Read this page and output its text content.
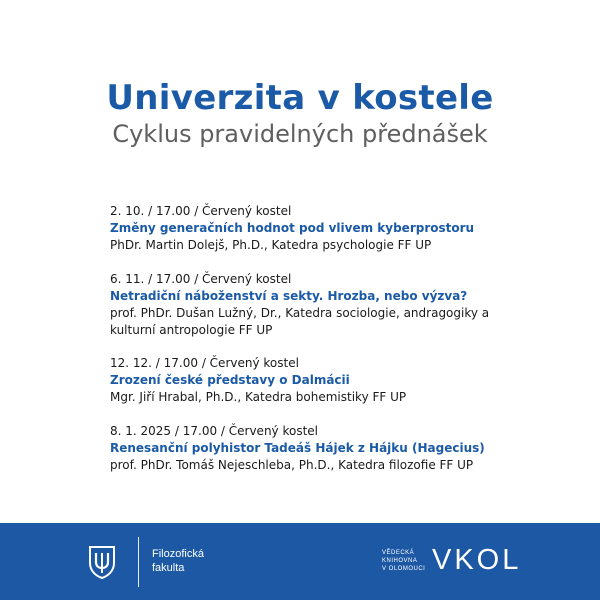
Univerzita v kostele
Cyklus pravidelných přednášek
2. 10. / 17.00 / Červený kostel
Změny generačních hodnot pod vlivem kyberprostoru
PhDr. Martin Dolejš, Ph.D., Katedra psychologie FF UP
6. 11. / 17.00 / Červený kostel
Netradiční náboženství a sekty. Hrozba, nebo výzva?
prof. PhDr. Dušan Lužný, Dr., Katedra sociologie, andragogiky a kulturní antropologie FF UP
12. 12. / 17.00 / Červený kostel
Zrození české představy o Dalmácii
Mgr. Jiří Hrabal, Ph.D., Katedra bohemistiky FF UP
8. 1. 2025 / 17.00 / Červený kostel
Renesanční polyhistor Tadeáš Hájek z Hájku (Hagecius)
prof. PhDr. Tomáš Nejeschleba, Ph.D., Katedra filozofie FF UP
Filozofická
fakulta
VĚDECKÁ
KNIHOVNA
V OLOMOUCI VKOL
